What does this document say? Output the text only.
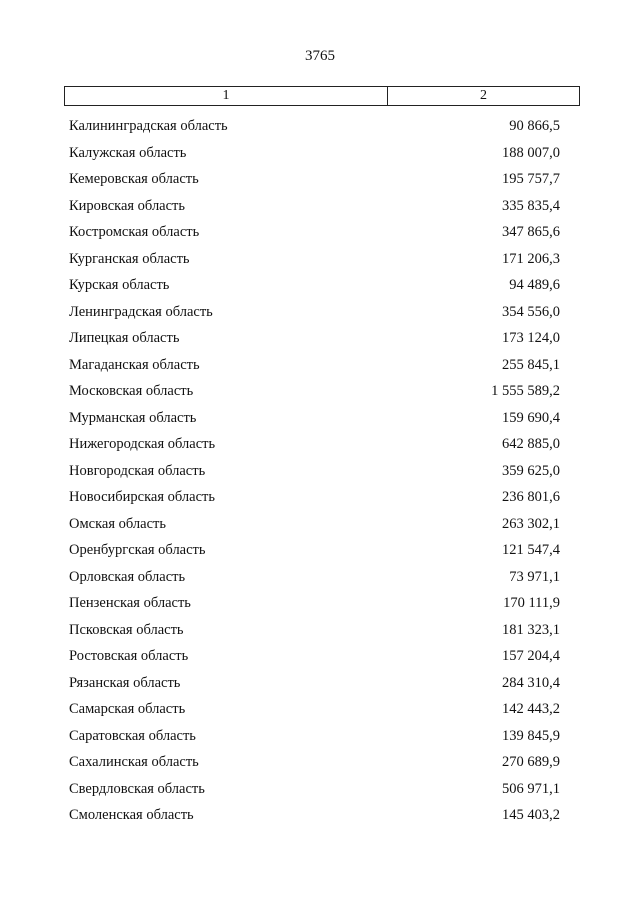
3765
1	2
Калининградская область	90 866,5
Калужская область	188 007,0
Кемеровская область	195 757,7
Кировская область	335 835,4
Костромская область	347 865,6
Курганская область	171 206,3
Курская область	94 489,6
Ленинградская область	354 556,0
Липецкая область	173 124,0
Магаданская область	255 845,1
Московская область	1 555 589,2
Мурманская область	159 690,4
Нижегородская область	642 885,0
Новгородская область	359 625,0
Новосибирская область	236 801,6
Омская область	263 302,1
Оренбургская область	121 547,4
Орловская область	73 971,1
Пензенская область	170 111,9
Псковская область	181 323,1
Ростовская область	157 204,4
Рязанская область	284 310,4
Самарская область	142 443,2
Саратовская область	139 845,9
Сахалинская область	270 689,9
Свердловская область	506 971,1
Смоленская область	145 403,2
